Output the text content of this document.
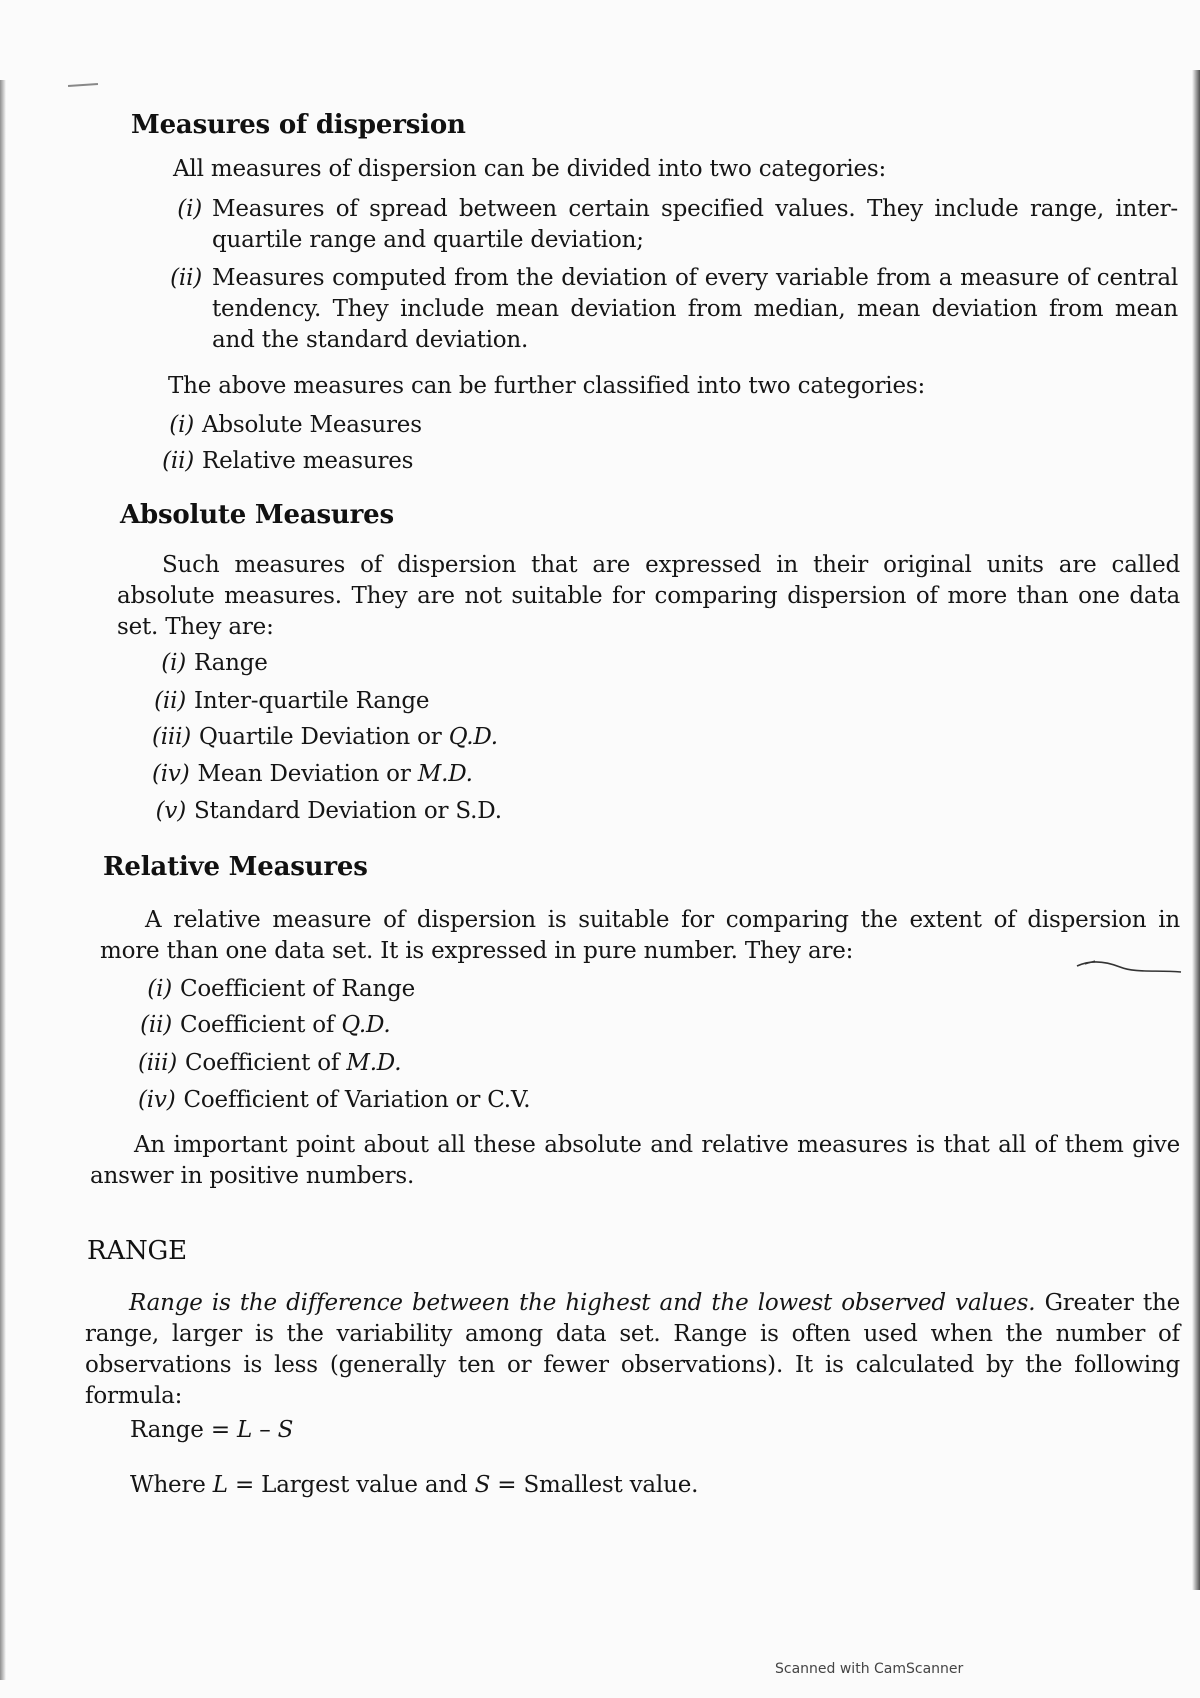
Measures of dispersion
All measures of dispersion can be divided into two categories:
(i) Measures of spread between certain specified values. They include range, inter-quartile range and quartile deviation;
(ii) Measures computed from the deviation of every variable from a measure of central tendency. They include mean deviation from median, mean deviation from mean and the standard deviation.
The above measures can be further classified into two categories:
(i) Absolute Measures
(ii) Relative measures
Absolute Measures
Such measures of dispersion that are expressed in their original units are called absolute measures. They are not suitable for comparing dispersion of more than one data set. They are:
(i) Range
(ii) Inter-quartile Range
(iii) Quartile Deviation or Q.D.
(iv) Mean Deviation or M.D.
(v) Standard Deviation or S.D.
Relative Measures
A relative measure of dispersion is suitable for comparing the extent of dispersion in more than one data set. It is expressed in pure number. They are:
(i) Coefficient of Range
(ii) Coefficient of Q.D.
(iii) Coefficient of M.D.
(iv) Coefficient of Variation or C.V.
An important point about all these absolute and relative measures is that all of them give answer in positive numbers.
RANGE
Range is the difference between the highest and the lowest observed values. Greater the range, larger is the variability among data set. Range is often used when the number of observations is less (generally ten or fewer observations). It is calculated by the following formula:
Range = L – S
Where L = Largest value and S = Smallest value.
Scanned with CamScanner
